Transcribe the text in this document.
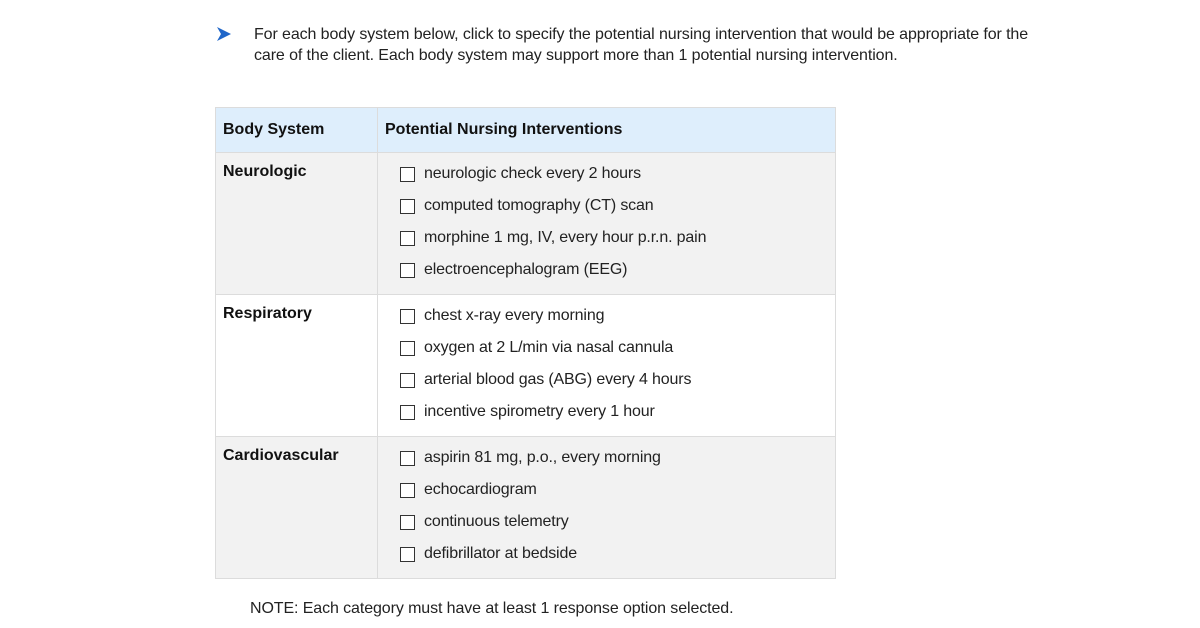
For each body system below, click to specify the potential nursing intervention that would be appropriate for the care of the client. Each body system may support more than 1 potential nursing intervention.
Body System	Potential Nursing Interventions
Neurologic	neurologic check every 2 hours
computed tomography (CT) scan
morphine 1 mg, IV, every hour p.r.n. pain
electroencephalogram (EEG)

Respiratory	chest x-ray every morning
oxygen at 2 L/min via nasal cannula
arterial blood gas (ABG) every 4 hours
incentive spirometry every 1 hour

Cardiovascular	aspirin 81 mg, p.o., every morning
echocardiogram
continuous telemetry
defibrillator at bedside
NOTE: Each category must have at least 1 response option selected.
